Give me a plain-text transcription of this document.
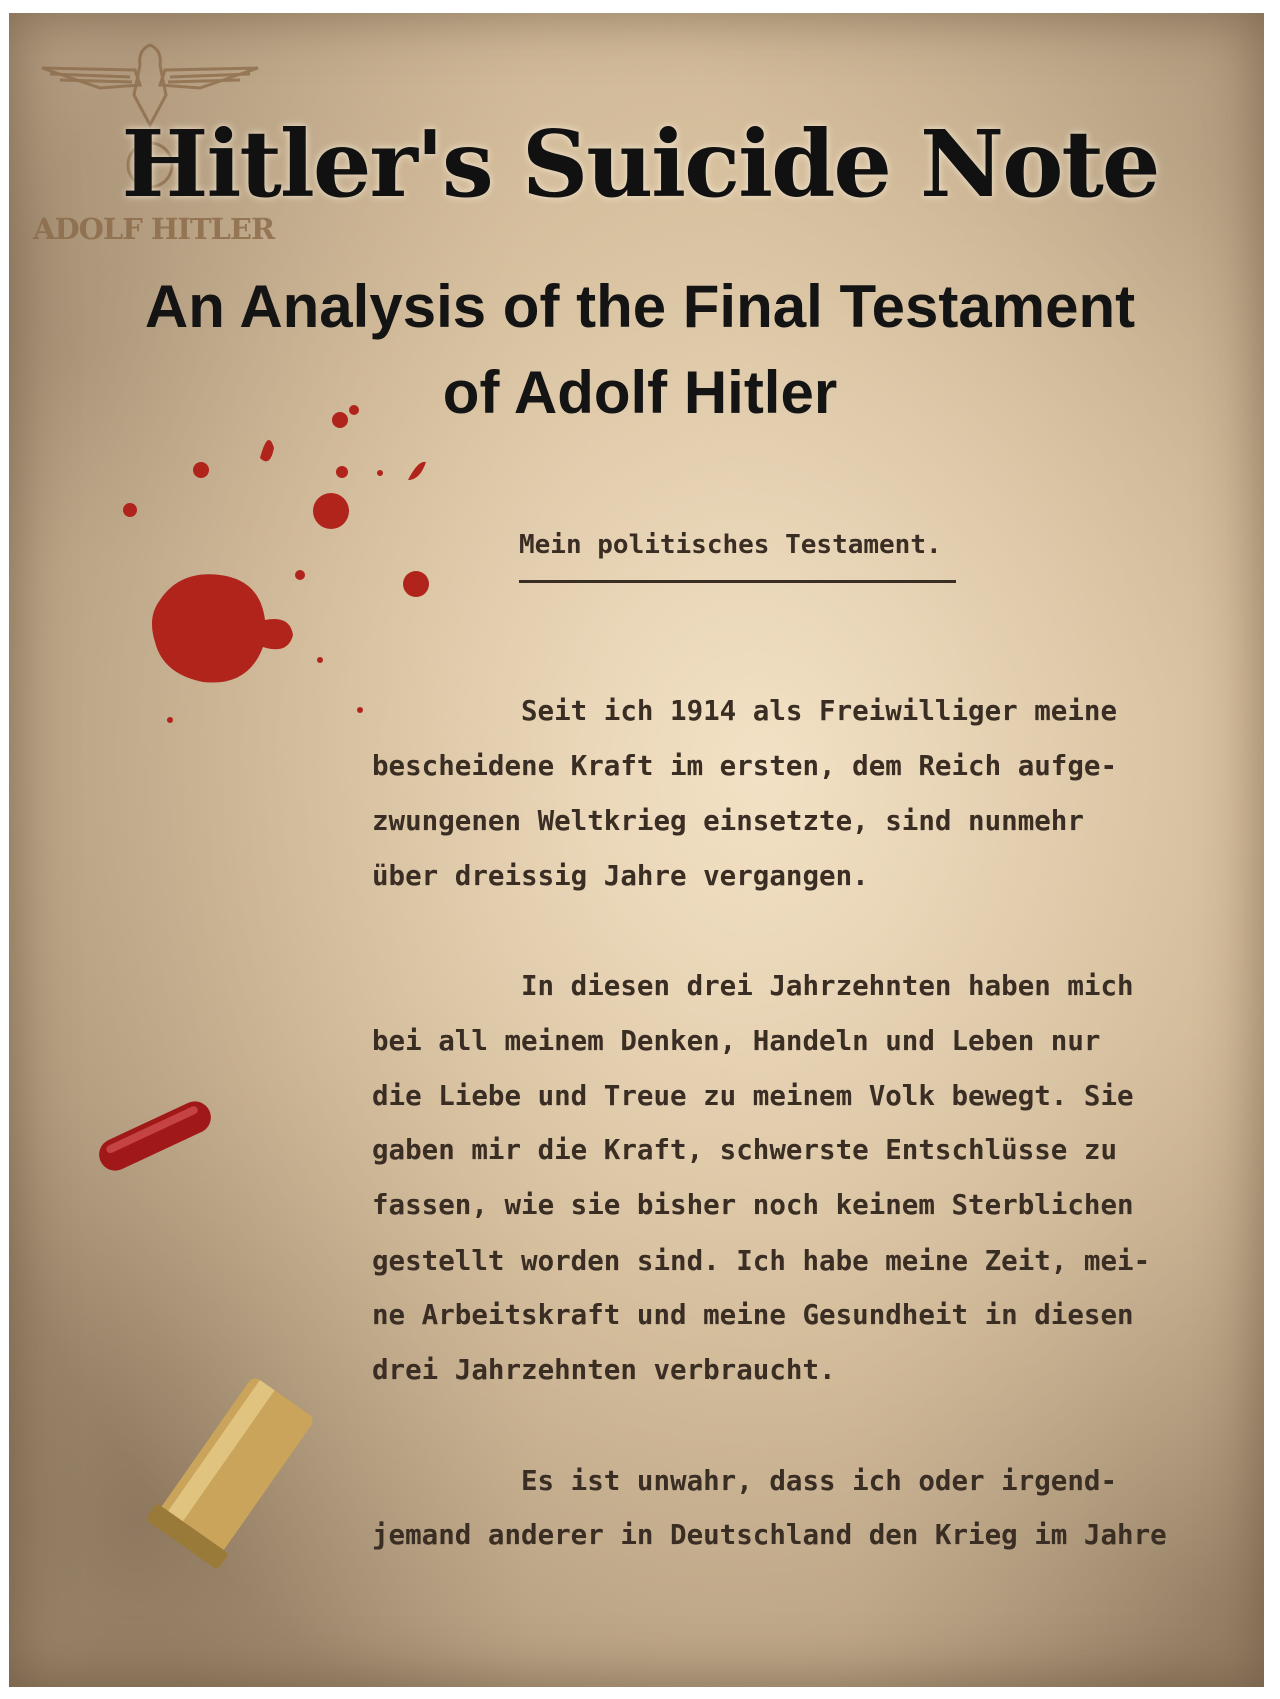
ADOLF HITLER
Hitler's Suicide Note
An Analysis of the Final Testament
of Adolf Hitler
Mein politisches Testament.
Seit ich 1914 als Freiwilliger meine
bescheidene Kraft im ersten, dem Reich aufge-
zwungenen Weltkrieg einsetzte, sind nunmehr
über dreissig Jahre vergangen.
In diesen drei Jahrzehnten haben mich
bei all meinem Denken, Handeln und Leben nur
die Liebe und Treue zu meinem Volk bewegt. Sie
gaben mir die Kraft, schwerste Entschlüsse zu
fassen, wie sie bisher noch keinem Sterblichen
gestellt worden sind. Ich habe meine Zeit, mei-
ne Arbeitskraft und meine Gesundheit in diesen
drei Jahrzehnten verbraucht.
Es ist unwahr, dass ich oder irgend-
jemand anderer in Deutschland den Krieg im Jahre
